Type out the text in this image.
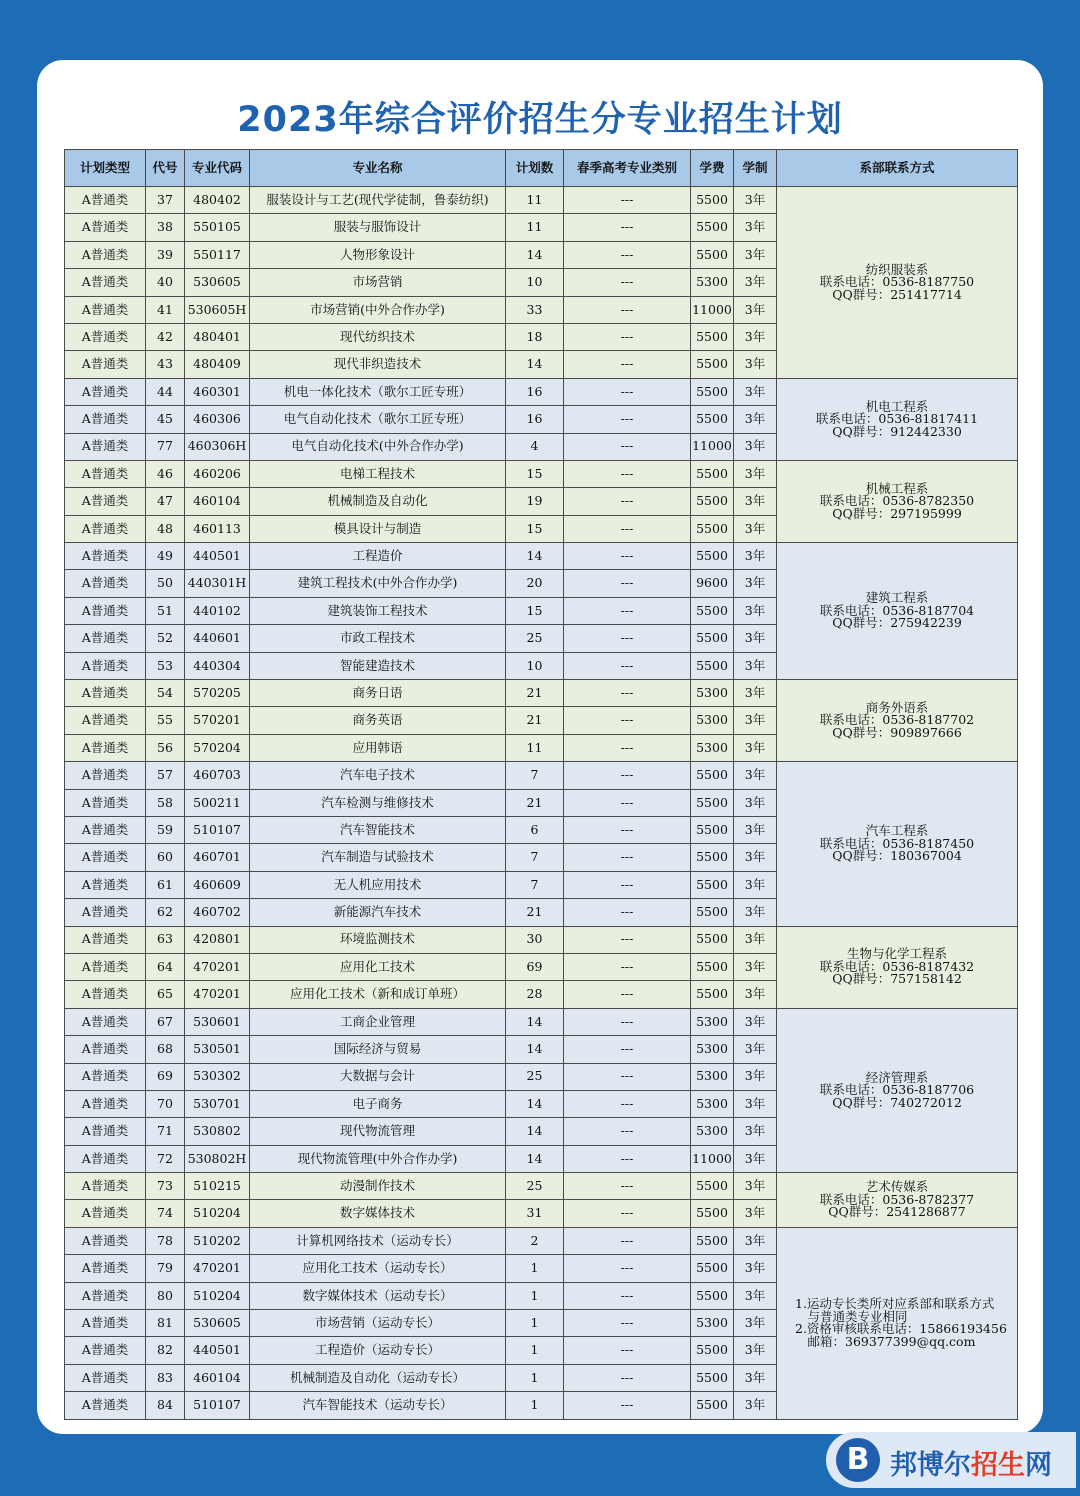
2023年综合评价招生分专业招生计划
计划类型	代号	专业代码	专业名称	计划数	春季高考专业类别	学费	学制	系部联系方式
A普通类	37	480402	服装设计与工艺(现代学徒制，鲁泰纺织)	11	---	5500	3年	纺织服装系
联系电话：0536-8187750
QQ群号：251417714

A普通类	38	550105	服装与服饰设计	11	---	5500	3年	
A普通类	39	550117	人物形象设计	14	---	5500	3年	
A普通类	40	530605	市场营销	10	---	5300	3年	
A普通类	41	530605H	市场营销(中外合作办学)	33	---	11000	3年	
A普通类	42	480401	现代纺织技术	18	---	5500	3年	
A普通类	43	480409	现代非织造技术	14	---	5500	3年	
A普通类	44	460301	机电一体化技术（歌尔工匠专班）	16	---	5500	3年	机电工程系
联系电话：0536-81817411
QQ群号：912442330

A普通类	45	460306	电气自动化技术（歌尔工匠专班）	16	---	5500	3年	
A普通类	77	460306H	电气自动化技术(中外合作办学)	4	---	11000	3年	
A普通类	46	460206	电梯工程技术	15	---	5500	3年	机械工程系
联系电话：0536-8782350
QQ群号：297195999

A普通类	47	460104	机械制造及自动化	19	---	5500	3年	
A普通类	48	460113	模具设计与制造	15	---	5500	3年	
A普通类	49	440501	工程造价	14	---	5500	3年	建筑工程系
联系电话：0536-8187704
QQ群号：275942239

A普通类	50	440301H	建筑工程技术(中外合作办学)	20	---	9600	3年	
A普通类	51	440102	建筑装饰工程技术	15	---	5500	3年	
A普通类	52	440601	市政工程技术	25	---	5500	3年	
A普通类	53	440304	智能建造技术	10	---	5500	3年	
A普通类	54	570205	商务日语	21	---	5300	3年	商务外语系
联系电话：0536-8187702
QQ群号：909897666

A普通类	55	570201	商务英语	21	---	5300	3年	
A普通类	56	570204	应用韩语	11	---	5300	3年	
A普通类	57	460703	汽车电子技术	7	---	5500	3年	汽车工程系
联系电话：0536-8187450
QQ群号：180367004

A普通类	58	500211	汽车检测与维修技术	21	---	5500	3年	
A普通类	59	510107	汽车智能技术	6	---	5500	3年	
A普通类	60	460701	汽车制造与试验技术	7	---	5500	3年	
A普通类	61	460609	无人机应用技术	7	---	5500	3年	
A普通类	62	460702	新能源汽车技术	21	---	5500	3年	
A普通类	63	420801	环境监测技术	30	---	5500	3年	生物与化学工程系
联系电话：0536-8187432
QQ群号：757158142

A普通类	64	470201	应用化工技术	69	---	5500	3年	
A普通类	65	470201	应用化工技术（新和成订单班）	28	---	5500	3年	
A普通类	67	530601	工商企业管理	14	---	5300	3年	经济管理系
联系电话：0536-8187706
QQ群号：740272012

A普通类	68	530501	国际经济与贸易	14	---	5300	3年	
A普通类	69	530302	大数据与会计	25	---	5300	3年	
A普通类	70	530701	电子商务	14	---	5300	3年	
A普通类	71	530802	现代物流管理	14	---	5300	3年	
A普通类	72	530802H	现代物流管理(中外合作办学)	14	---	11000	3年	
A普通类	73	510215	动漫制作技术	25	---	5500	3年	艺术传媒系
联系电话：0536-8782377
QQ群号：2541286877

A普通类	74	510204	数字媒体技术	31	---	5500	3年	
A普通类	78	510202	计算机网络技术（运动专长）	2	---	5500	3年	1.运动专长类所对应系部和联系方式
　与普通类专业相同
2.资格审核联系电话：15866193456
　邮箱：369377399@qq.com

A普通类	79	470201	应用化工技术（运动专长）	1	---	5500	3年	
A普通类	80	510204	数字媒体技术（运动专长）	1	---	5500	3年	
A普通类	81	530605	市场营销（运动专长）	1	---	5300	3年	
A普通类	82	440501	工程造价（运动专长）	1	---	5500	3年	
A普通类	83	460104	机械制造及自动化（运动专长）	1	---	5500	3年	
A普通类	84	510107	汽车智能技术（运动专长）	1	---	5500	3年	
B 邦博尔招生网
